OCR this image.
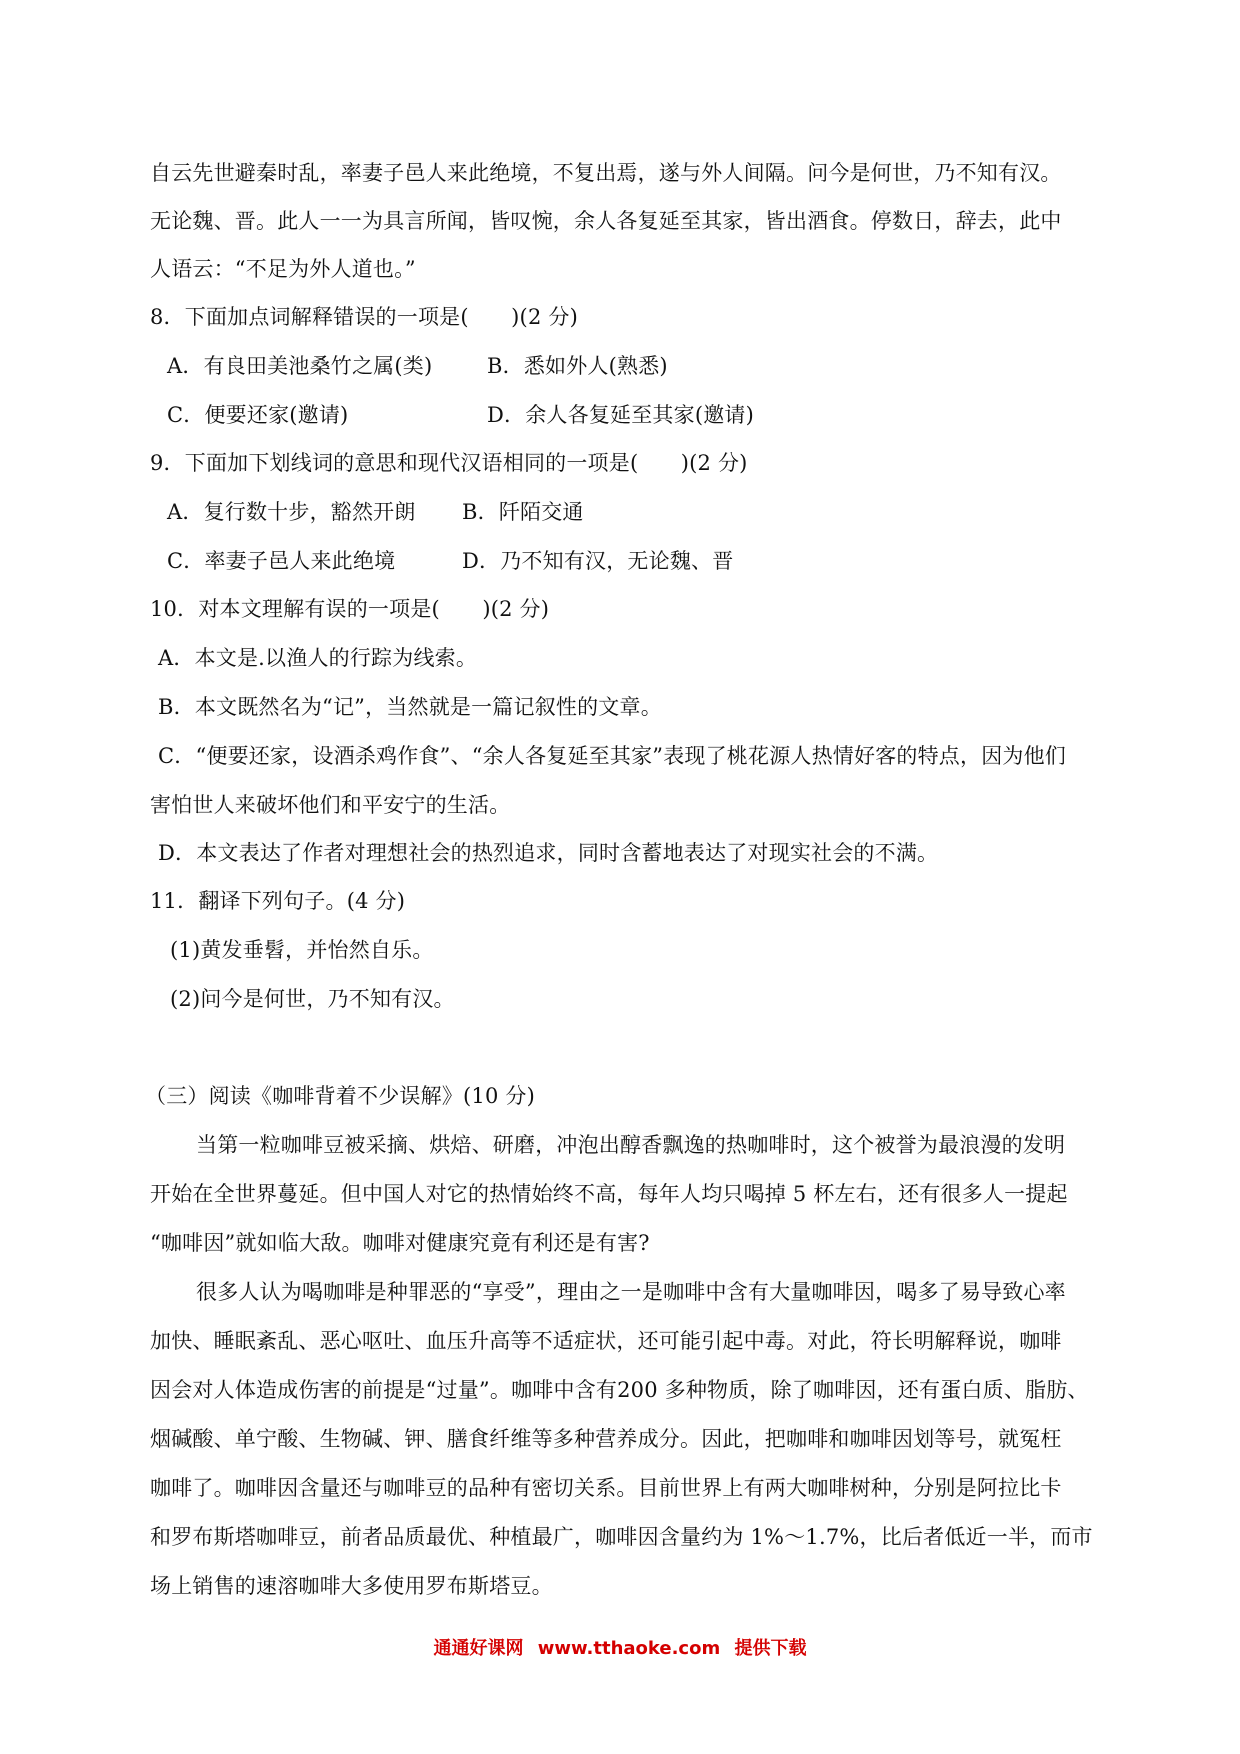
自云先世避秦时乱，率妻子邑人来此绝境，不复出焉，遂与外人间隔。问今是何世，乃不知有汉。
无论魏、晋。此人一一为具言所闻，皆叹惋，余人各复延至其家，皆出酒食。停数日，辞去，此中
人语云：“不足为外人道也。”
8．下面加点词解释错误的一项是(　　)(2 分)
A．有良田美池桑竹之属(类)	B．悉如外人(熟悉)
C．便要还家(邀请)	D．余人各复延至其家(邀请)
9．下面加下划线词的意思和现代汉语相同的一项是(　　)(2 分)
A．复行数十步，豁然开朗 B．阡陌交通
C．率妻子邑人来此绝境	D．乃不知有汉，无论魏、晋
10．对本文理解有误的一项是(　　)(2 分)
A．本文是.以渔人的行踪为线索。
B．本文既然名为“记”，当然就是一篇记叙性的文章。
C．“便要还家，设酒杀鸡作食”、“余人各复延至其家”表现了桃花源人热情好客的特点，因为他们
害怕世人来破坏他们和平安宁的生活。
D．本文表达了作者对理想社会的热烈追求，同时含蓄地表达了对现实社会的不满。
11．翻译下列句子。(4 分)
(1)黄发垂髫，并怡然自乐。
(2)问今是何世，乃不知有汉。
（三）阅读《咖啡背着不少误解》(10 分)
当第一粒咖啡豆被采摘、烘焙、研磨，冲泡出醇香飘逸的热咖啡时，这个被誉为最浪漫的发明
开始在全世界蔓延。但中国人对它的热情始终不高，每年人均只喝掉 5 杯左右，还有很多人一提起
“咖啡因”就如临大敌。咖啡对健康究竟有利还是有害?
很多人认为喝咖啡是种罪恶的“享受”，理由之一是咖啡中含有大量咖啡因，喝多了易导致心率
加快、睡眠紊乱、恶心呕吐、血压升高等不适症状，还可能引起中毒。对此，符长明解释说，咖啡
因会对人体造成伤害的前提是“过量”。咖啡中含有200 多种物质，除了咖啡因，还有蛋白质、脂肪、
烟碱酸、单宁酸、生物碱、钾、膳食纤维等多种营养成分。因此，把咖啡和咖啡因划等号，就冤枉
咖啡了。咖啡因含量还与咖啡豆的品种有密切关系。目前世界上有两大咖啡树种，分别是阿拉比卡
和罗布斯塔咖啡豆，前者品质最优、种植最广，咖啡因含量约为 1%～1.7%，比后者低近一半，而市
场上销售的速溶咖啡大多使用罗布斯塔豆。
通通好课网 www.tthaoke.com 提供下载
